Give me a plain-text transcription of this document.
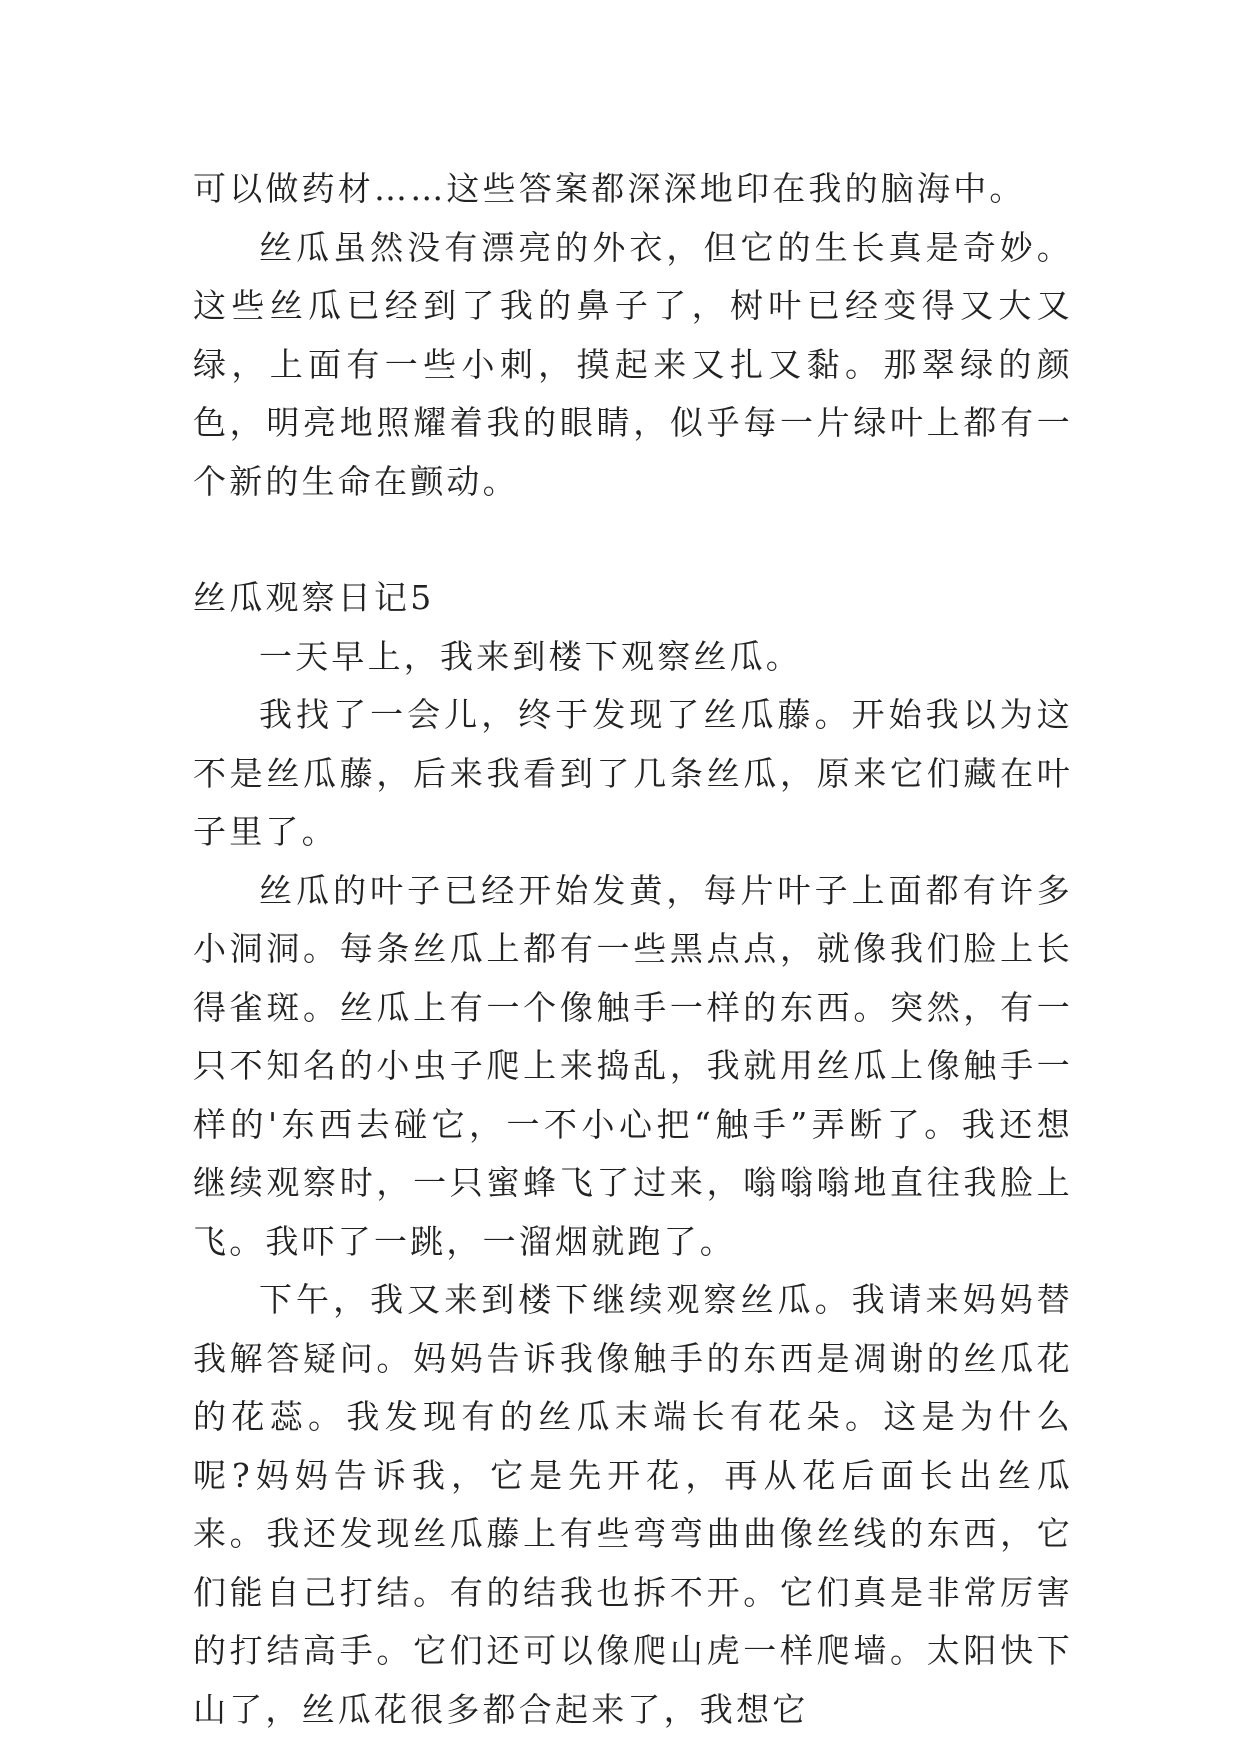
可以做药材……这些答案都深深地印在我的脑海中。

丝瓜虽然没有漂亮的外衣，但它的生长真是奇妙。这些丝瓜已经到了我的鼻子了，树叶已经变得又大又绿，上面有一些小刺，摸起来又扎又黏。那翠绿的颜色，明亮地照耀着我的眼睛，似乎每一片绿叶上都有一个新的生命在颤动。

丝瓜观察日记5

一天早上，我来到楼下观察丝瓜。

我找了一会儿，终于发现了丝瓜藤。开始我以为这不是丝瓜藤，后来我看到了几条丝瓜，原来它们藏在叶子里了。

丝瓜的叶子已经开始发黄，每片叶子上面都有许多小洞洞。每条丝瓜上都有一些黑点点，就像我们脸上长得雀斑。丝瓜上有一个像触手一样的东西。突然，有一只不知名的小虫子爬上来捣乱，我就用丝瓜上像触手一样的'东西去碰它，一不小心把“触手”弄断了。我还想继续观察时，一只蜜蜂飞了过来，嗡嗡嗡地直往我脸上飞。我吓了一跳，一溜烟就跑了。

下午，我又来到楼下继续观察丝瓜。我请来妈妈替我解答疑问。妈妈告诉我像触手的东西是凋谢的丝瓜花的花蕊。我发现有的丝瓜末端长有花朵。这是为什么呢?妈妈告诉我，它是先开花，再从花后面长出丝瓜来。我还发现丝瓜藤上有些弯弯曲曲像丝线的东西，它们能自己打结。有的结我也拆不开。它们真是非常厉害的打结高手。它们还可以像爬山虎一样爬墙。太阳快下山了，丝瓜花很多都合起来了，我想它
